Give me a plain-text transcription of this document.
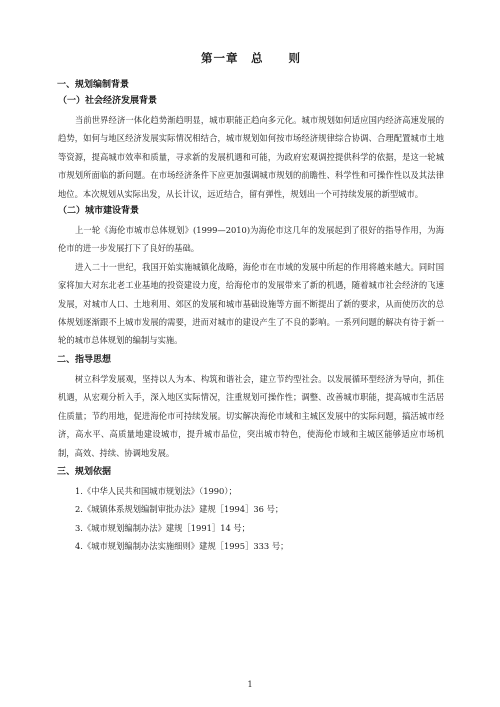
第一章　总　　则
一、规划编制背景
（一）社会经济发展背景

当前世界经济一体化趋势渐趋明显，城市职能正趋向多元化。城市规划如何适应国内经济高速发展的趋势，如何与地区经济发展实际情况相结合，城市规划如何按市场经济规律综合协调、合理配置城市土地等资源，提高城市效率和质量，寻求新的发展机遇和可能，为政府宏观调控提供科学的依据，是这一轮城市规划所面临的新问题。在市场经济条件下应更加强调城市规划的前瞻性、科学性和可操作性以及其法律地位。本次规划从实际出发，从长计议，远近结合，留有弹性，规划出一个可持续发展的新型城市。

（二）城市建设背景

上一轮《海伦市城市总体规划》(1999—2010)为海伦市这几年的发展起到了很好的指导作用，为海伦市的进一步发展打下了良好的基础。

进入二十一世纪，我国开始实施城镇化战略，海伦市在市域的发展中所起的作用将越来越大。同时国家将加大对东北老工业基地的投资建设力度，给海伦市的发展带来了新的机遇，随着城市社会经济的飞速发展，对城市人口、土地利用、郊区的发展和城市基础设施等方面不断提出了新的要求，从而使历次的总体规划逐渐跟不上城市发展的需要，进而对城市的建设产生了不良的影响。一系列问题的解决有待于新一轮的城市总体规划的编制与实施。

二、指导思想

树立科学发展观，坚持以人为本、构筑和谐社会，建立节约型社会。以发展循环型经济为导向，抓住机遇，从宏观分析入手，深入地区实际情况，注重规划可操作性；调整、改善城市职能，提高城市生活居住质量；节约用地，促进海伦市可持续发展。切实解决海伦市域和主城区发展中的实际问题，搞活城市经济，高水平、高质量地建设城市，提升城市品位，突出城市特色，使海伦市域和主城区能够适应市场机制，高效、持续、协调地发展。

三、规划依据
1.《中华人民共和国城市规划法》（1990）；
2.《城镇体系规划编制审批办法》建规［1994］36 号；
3.《城市规划编制办法》建规［1991］14 号；
4.《城市规划编制办法实施细则》建规［1995］333 号；
1
